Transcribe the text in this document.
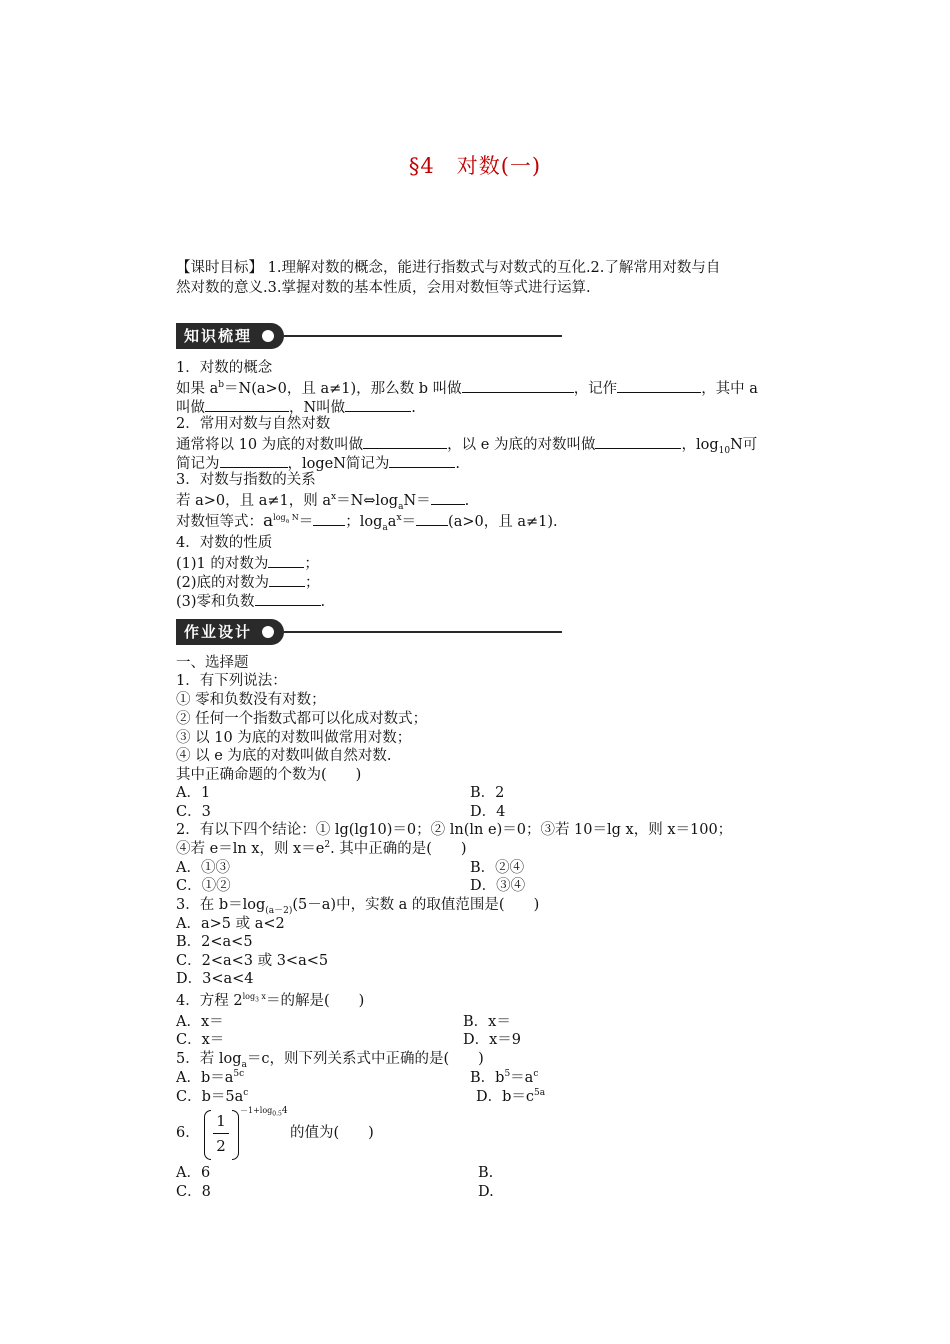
§4　对数(一)
【课时目标】 1.理解对数的概念，能进行指数式与对数式的互化.2.了解常用对数与自
然对数的意义.3.掌握对数的基本性质，会用对数恒等式进行运算.
知识梳理
1．对数的概念
如果 $a^b=N(a>0$，且 a≠1)，那么数 b 叫做	，记作	，其中 a
叫做	，N叫做	.
2．常用对数与自然对数
通常将以 10 为底的对数叫做	，以 e 为底的对数叫做	，$\log_{10}N$可
简记为	，logeN简记为	.
3．对数与指数的关系
若 a>0，且 a≠1，则 $a^x=N\Leftrightarrow\log_aN=$ .
对数恒等式：$a^{log_a N}=$ ；$\log_aa^x= (a>0$，且 a≠1).
4．对数的性质
(1)1 的对数为 ；
(2)底的对数为 ；
(3)零和负数	.
作业设计
一、选择题
1．有下列说法：
① 零和负数没有对数；
② 任何一个指数式都可以化成对数式；
③ 以 10 为底的对数叫做常用对数；
④ 以 e 为底的对数叫做自然对数.
其中正确命题的个数为(　　)
A．1	B．2
C．3	D．4
2．有以下四个结论：① lg(lg10)＝0；② ln(ln e)＝0；③若 10＝lg x，则 x＝100；
④若 e＝ln x，则 $x=e^2$. 其中正确的是(　　)
A．①③	B．②④
C．①②	D．③④
3．在 $b=\log_{(a-2)}(5-a)$中，实数 a 的取值范围是(　　)
A．a>5 或 a<2
B．2<a<5
C．2<a<3 或 3<a<5
D．3<a<4
4．方程 $2^{log_3 x}=$的解是(　　)
A．x＝	B．x＝
C．x＝	D．x＝9
5．若 $\log_a=c$，则下列关系式中正确的是(　　)
A．$b=a^{5c}$	B．$b^5=a^c$
C．$b=5a^c$	D．$b=c^{5a}$
6．
1
2
$-1+\log_{0.5}4$
的值为(　　)
A．6	B.
C．8	D.
